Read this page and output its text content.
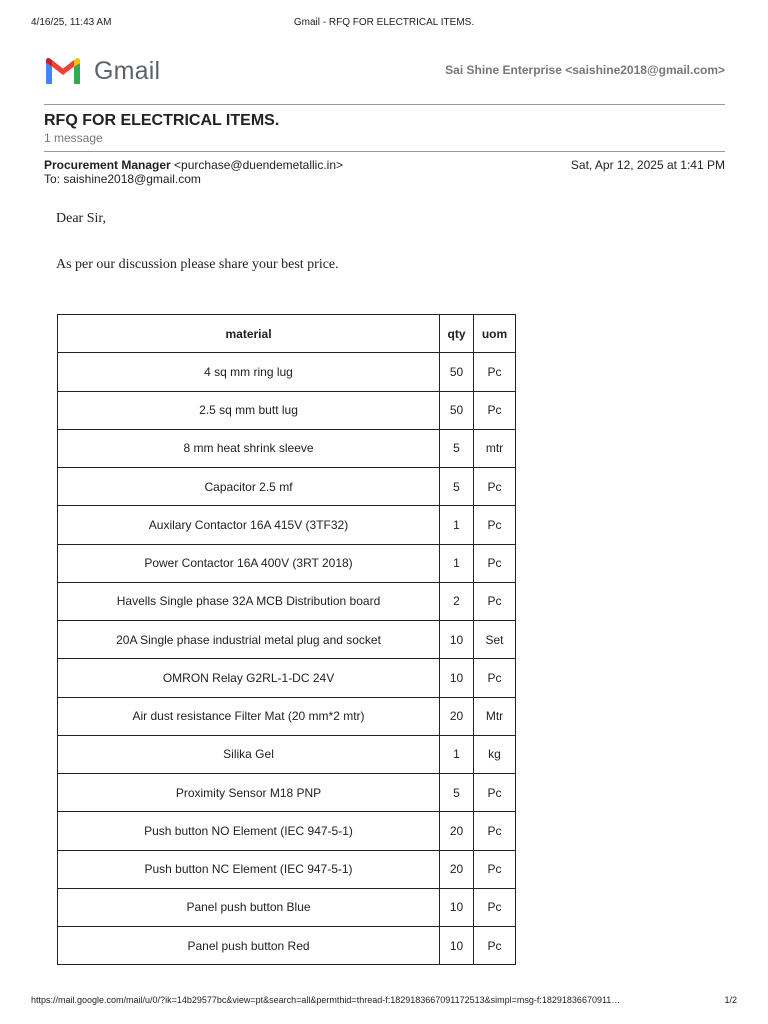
4/16/25, 11:43 AM	Gmail - RFQ FOR ELECTRICAL ITEMS.
Gmail	Sai Shine Enterprise <saishine2018@gmail.com>
RFQ FOR ELECTRICAL ITEMS.
1 message
Procurement Manager <purchase@duendemetallic.in>	Sat, Apr 12, 2025 at 1:41 PM
To: saishine2018@gmail.com
Dear Sir,
As per our discussion please share your best price.
material	qty	uom
4 sq mm ring lug	50	Pc
2.5 sq mm butt lug	50	Pc
8 mm heat shrink sleeve	5	mtr
Capacitor 2.5 mf	5	Pc
Auxilary Contactor 16A 415V (3TF32)	1	Pc
Power Contactor 16A 400V (3RT 2018)	1	Pc
Havells Single phase 32A MCB Distribution board	2	Pc
20A Single phase industrial metal plug and socket	10	Set
OMRON Relay G2RL-1-DC 24V	10	Pc
Air dust resistance Filter Mat (20 mm*2 mtr)	20	Mtr
Silika Gel	1	kg
Proximity Sensor M18 PNP	5	Pc
Push button NO Element (IEC 947-5-1)	20	Pc
Push button NC Element (IEC 947-5-1)	20	Pc
Panel push button Blue	10	Pc
Panel push button Red	10	Pc
https://mail.google.com/mail/u/0/?ik=14b29577bc&view=pt&search=all&permthid=thread-f:1829183667091172513&simpl=msg-f:18291836670911…	1/2
